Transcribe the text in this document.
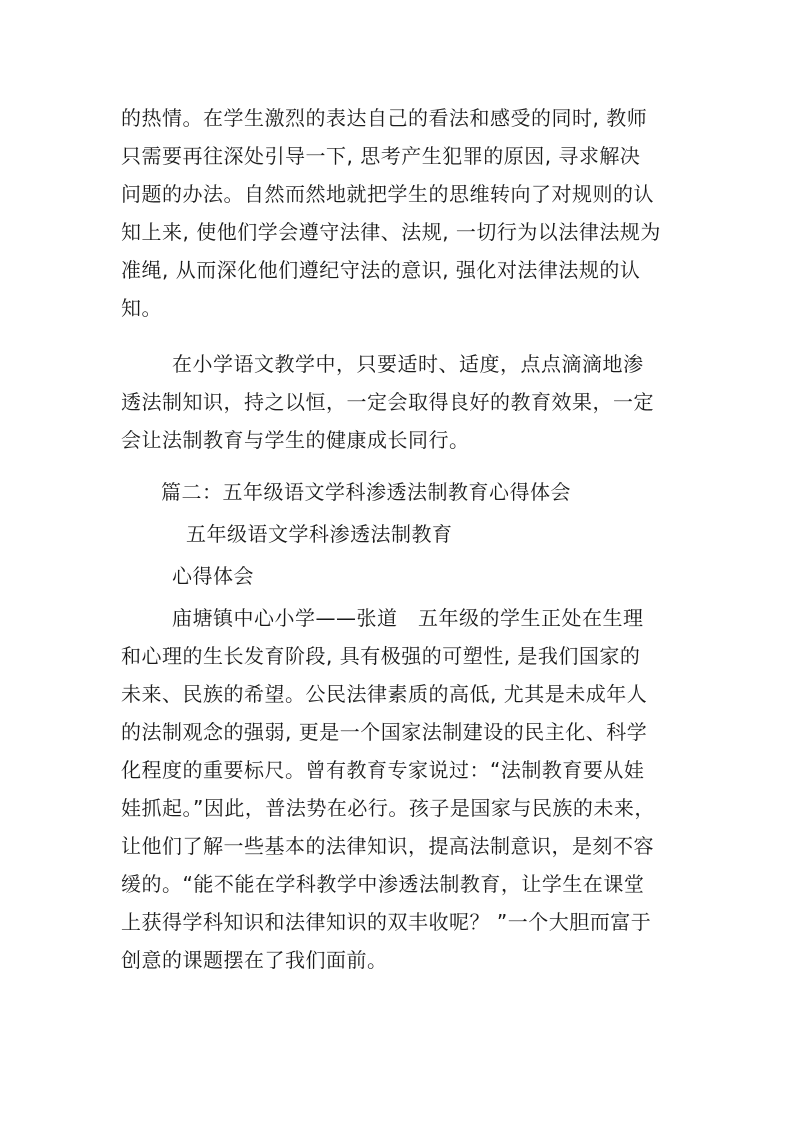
的热情。在学生激烈的表达自己的看法和感受的同时, 教师
只需要再往深处引导一下, 思考产生犯罪的原因, 寻求解决
问题的办法。自然而然地就把学生的思维转向了对规则的认
知上来, 使他们学会遵守法律、法规, 一切行为以法律法规为
准绳, 从而深化他们遵纪守法的意识, 强化对法律法规的认
知。
在小学语文教学中，只要适时、适度，点点滴滴地渗
透法制知识，持之以恒，一定会取得良好的教育效果，一定
会让法制教育与学生的健康成长同行。
篇二：五年级语文学科渗透法制教育心得体会
五年级语文学科渗透法制教育
心得体会
庙塘镇中心小学——张道　五年级的学生正处在生理
和心理的生长发育阶段, 具有极强的可塑性, 是我们国家的
未来、民族的希望。公民法律素质的高低, 尤其是未成年人
的法制观念的强弱, 更是一个国家法制建设的民主化、科学
化程度的重要标尺。曾有教育专家说过：“法制教育要从娃
娃抓起。”因此，普法势在必行。孩子是国家与民族的未来，
让他们了解一些基本的法律知识，提高法制意识，是刻不容
缓的。“能不能在学科教学中渗透法制教育，让学生在课堂
上获得学科知识和法律知识的双丰收呢？ ”一个大胆而富于
创意的课题摆在了我们面前。
